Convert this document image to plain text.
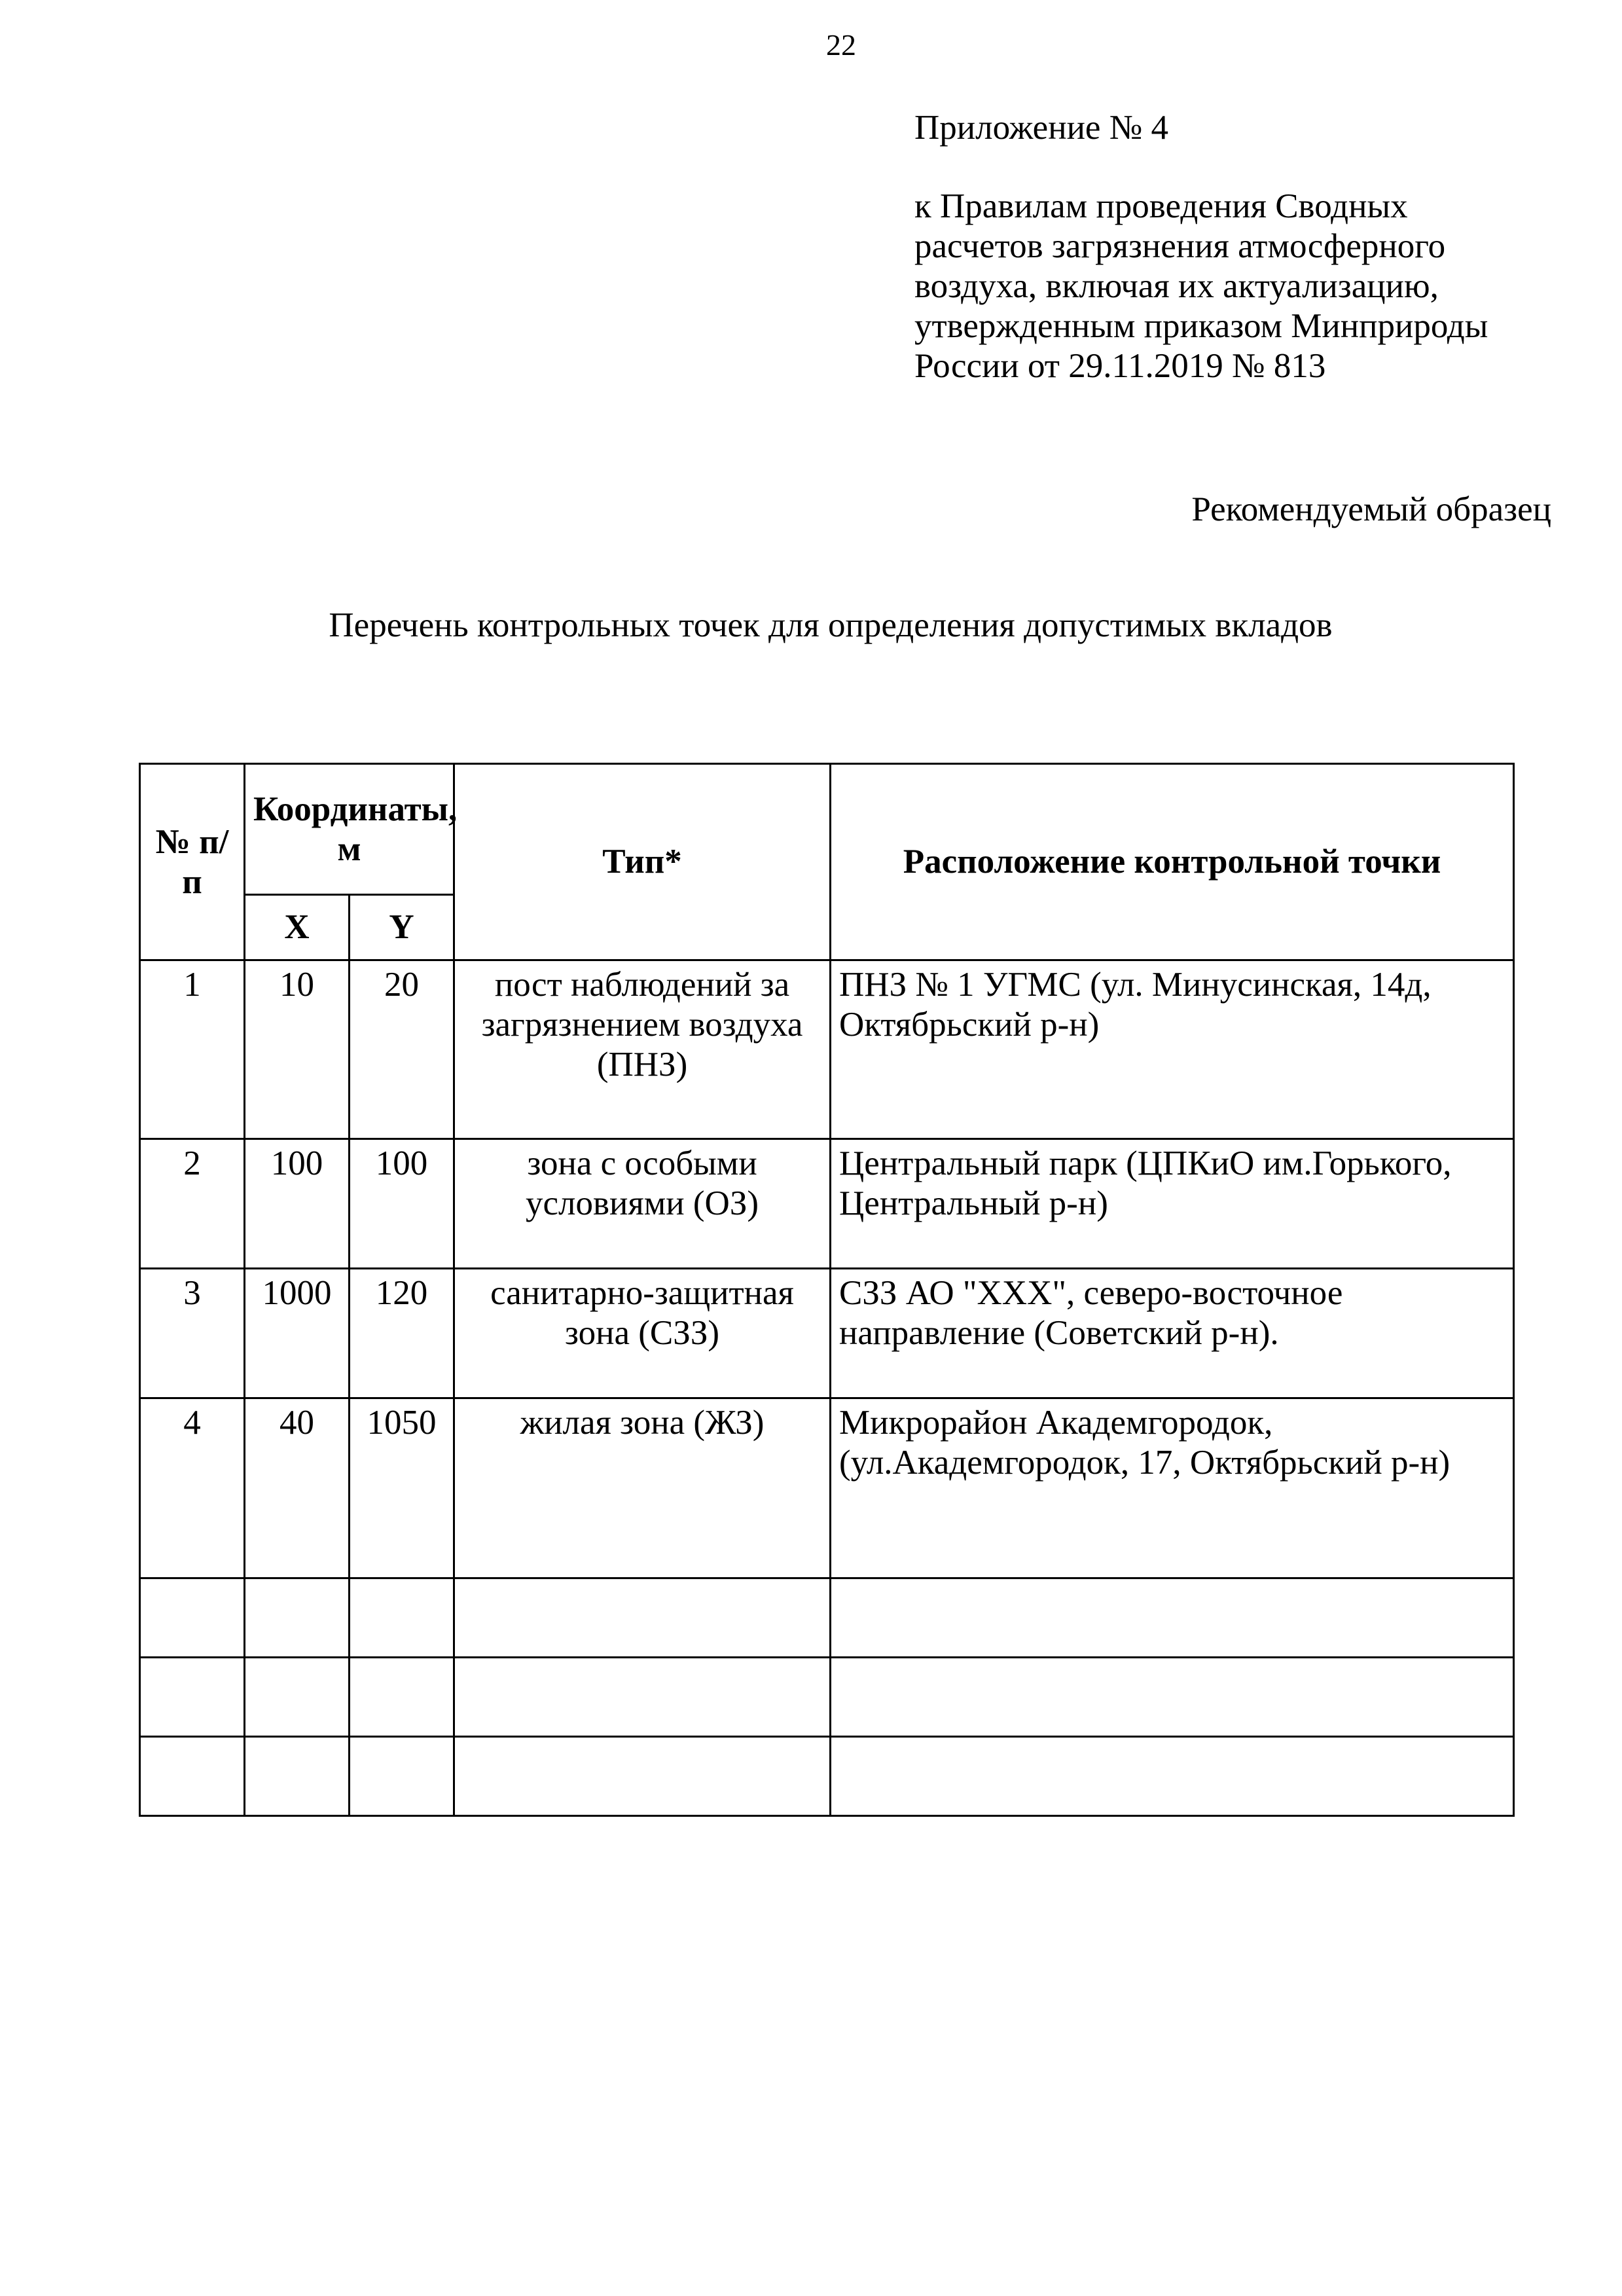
22
Приложение № 4
к Правилам проведения Сводных
расчетов загрязнения атмосферного
воздуха, включая их актуализацию,
утвержденным приказом Минприроды
России от 29.11.2019 № 813
Рекомендуемый образец
Перечень контрольных точек для определения допустимых вкладов
№ п/п	Координаты, м		Тип*	Расположение контрольной точки
	X	Y		
1	10	20	пост наблюдений за загрязнением воздуха (ПНЗ)	ПНЗ № 1 УГМС (ул. Минусинская, 14д, Октябрьский р-н)
2	100	100	зона с особыми условиями (ОЗ)	Центральный парк (ЦПКиО им.Горького, Центральный р-н)
3	1000	120	санитарно-защитная зона (СЗЗ)	СЗЗ АО "XXX", северо-восточное направление (Советский р-н).
4	40	1050	жилая зона (ЖЗ)	Микрорайон Академгородок, (ул.Академгородок, 17, Октябрьский р-н)
